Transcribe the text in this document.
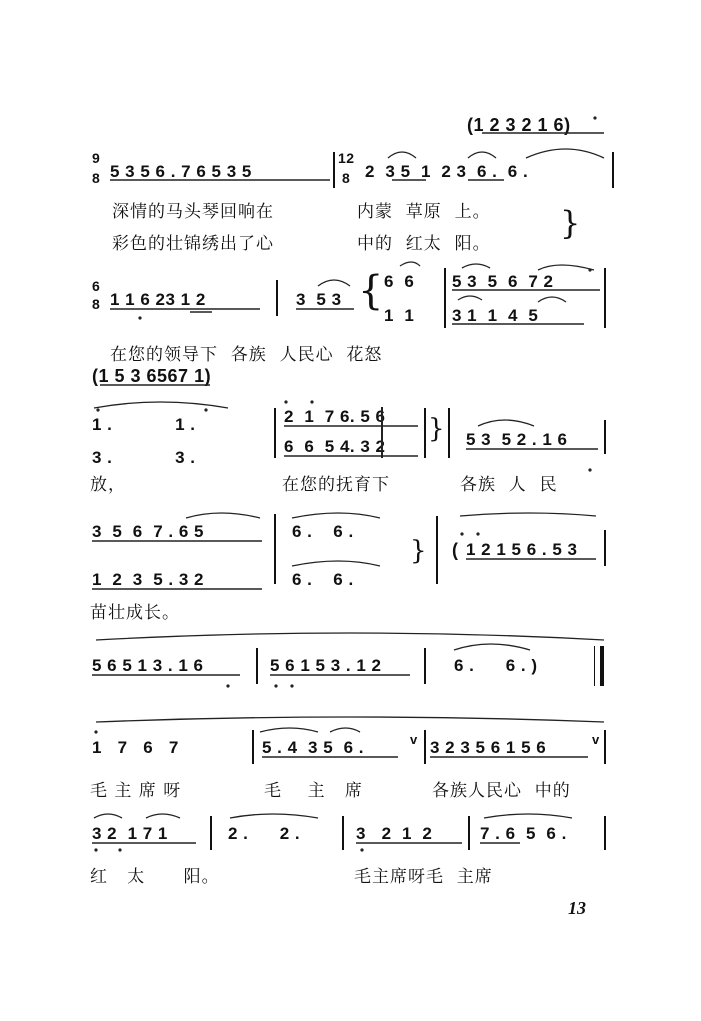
(1 2 3 2 1 6)
9
8 5 3 5 6 . 7 6 5 3 5
12
8 2  3 5  1  2 3  6 .  6 .
深情的马头琴回响在	内蒙  草原  上。
彩色的壮锦绣出了心	中的  红太  阳。
}
6
8 1 1 6 23 1 2	3  5 3 { 6  6
1  1
5 3  5  6  7 2
3 1  1  4  5
在您的领导下  各族  人民心  花怒
(1 5 3 6567 1)
1 .            1 .
3 .            3 .
2  1  7 6. 5 6
6  6  5 4. 3 2
} 5 3  5 2 . 1 6
放，	在您的抚育下	各族  人  民
3  5  6  7 . 6 5
1  2  3  5 . 3 2
6 .    6 .
6 .    6 .
} ( 1 2 1 5 6 . 5 3
苗壮成长。
5 6 5 1 3 . 1 6	5 6 1 5 3 . 1 2	6 .      6 . )
1   7   6   7	5 . 4  3 5  6 .	v 3 2 3 5 6 1 5 6	v
毛 主 席 呀	毛    主   席	各族人民心  中的
3 2  1 7 1	2 .      2 .	3   2  1  2	7 . 6  5  6 .
红   太      阳。	毛主席呀毛  主席
13
